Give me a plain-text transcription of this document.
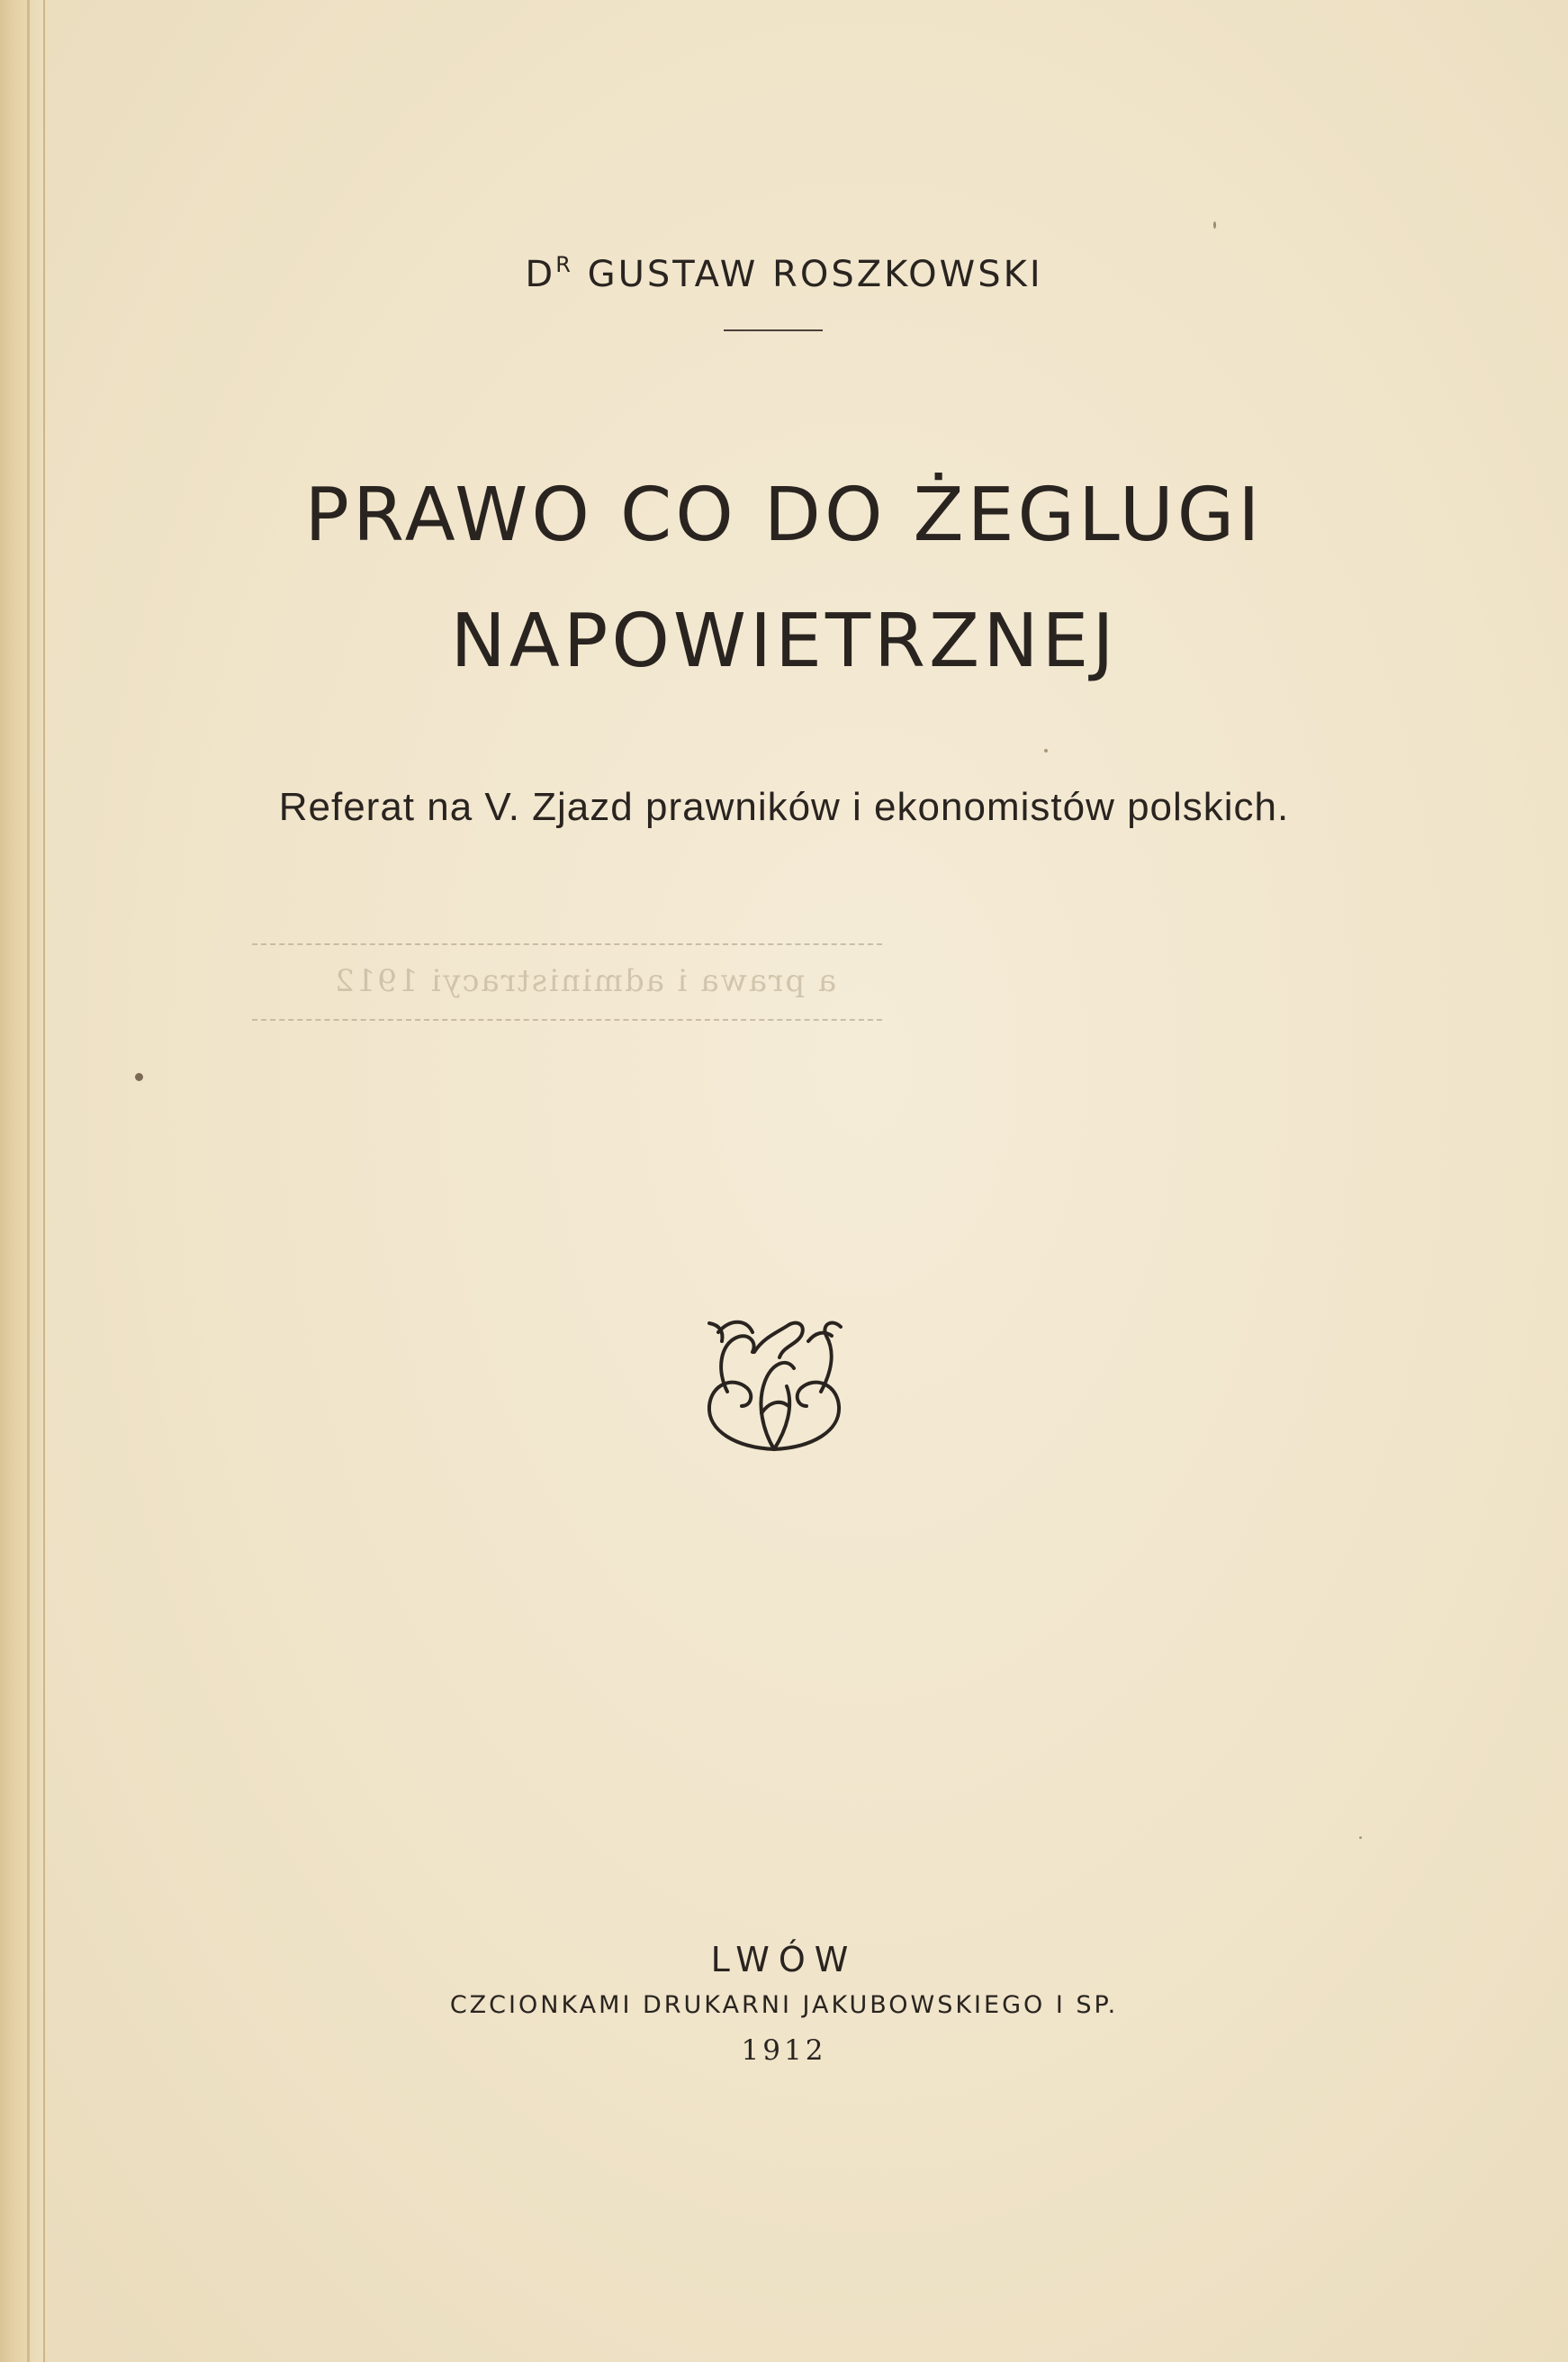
$D^R$ GUSTAW ROSZKOWSKI
PRAWO CO DO ŻEGLUGI
NAPOWIETRZNEJ
Referat na V. Zjazd prawników i ekonomistów polskich.
a prawa i administracyi 1912
LWÓW
CZCIONKAMI DRUKARNI JAKUBOWSKIEGO I SP.
1912
